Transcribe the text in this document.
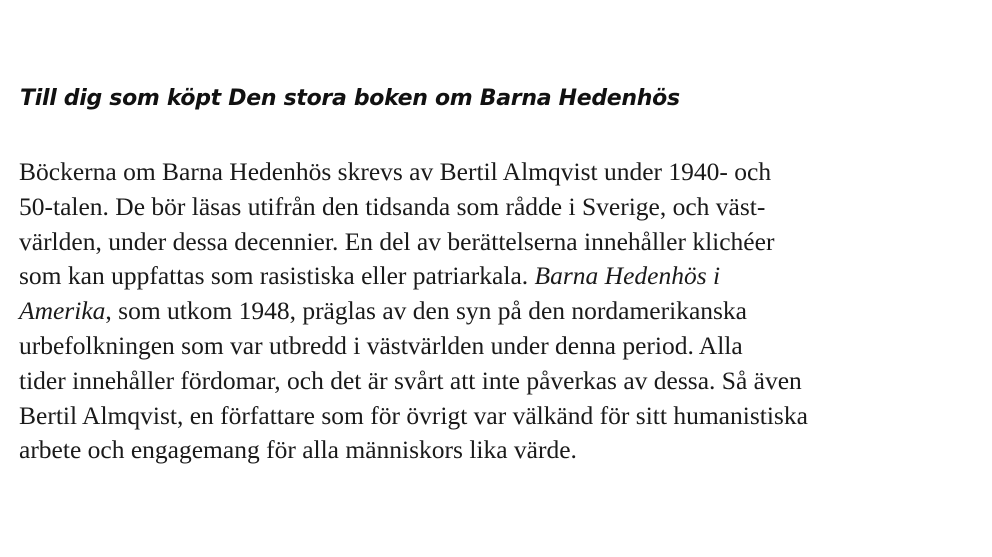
Till dig som köpt Den stora boken om Barna Hedenhös

Böckerna om Barna Hedenhös skrevs av Bertil Almqvist under 1940- och
50-talen. De bör läsas utifrån den tidsanda som rådde i Sverige, och väst-
världen, under dessa decennier. En del av berättelserna innehåller klichéer
som kan uppfattas som rasistiska eller patriarkala. Barna Hedenhös i
Amerika, som utkom 1948, präglas av den syn på den nordamerikanska
urbefolkningen som var utbredd i västvärlden under denna period. Alla
tider innehåller fördomar, och det är svårt att inte påverkas av dessa. Så även
Bertil Almqvist, en författare som för övrigt var välkänd för sitt humanistiska
arbete och engagemang för alla människors lika värde.
